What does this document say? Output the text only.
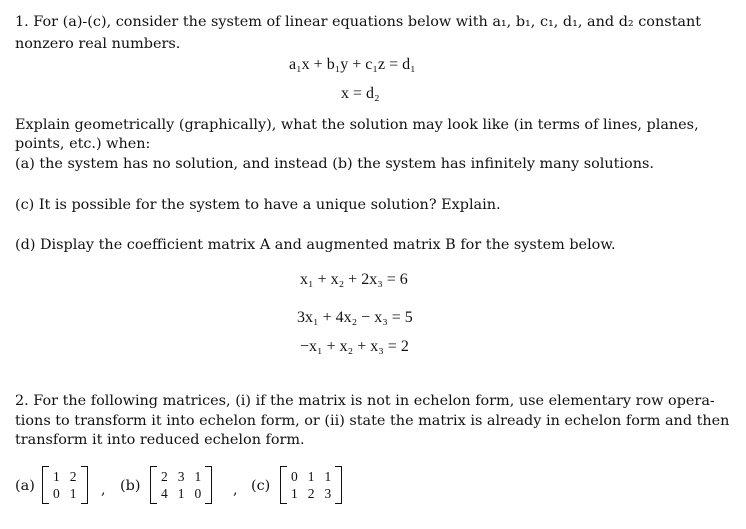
1. For (a)-(c), consider the system of linear equations below with a₁, b₁, c₁, d₁, and d₂ constant
nonzero real numbers.
a₁x + b₁y + c₁z = d₁
x = d₂
Explain geometrically (graphically), what the solution may look like (in terms of lines, planes,
points, etc.) when:
(a) the system has no solution, and instead (b) the system has infinitely many solutions.
(c) It is possible for the system to have a unique solution? Explain.
(d) Display the coefficient matrix A and augmented matrix B for the system below.
x₁ + x₂ + 2x₃ = 6
3x₁ + 4x₂ − x₃ = 5
−x₁ + x₂ + x₃ = 2
2. For the following matrices, (i) if the matrix is not in echelon form, use elementary row opera-
tions to transform it into echelon form, or (ii) state the matrix is already in echelon form and then
transform it into reduced echelon form.
(a)
1 2
0 1 , (b)
2 3 1
4 1 0 , (c)
0 1 1
1 2 3
